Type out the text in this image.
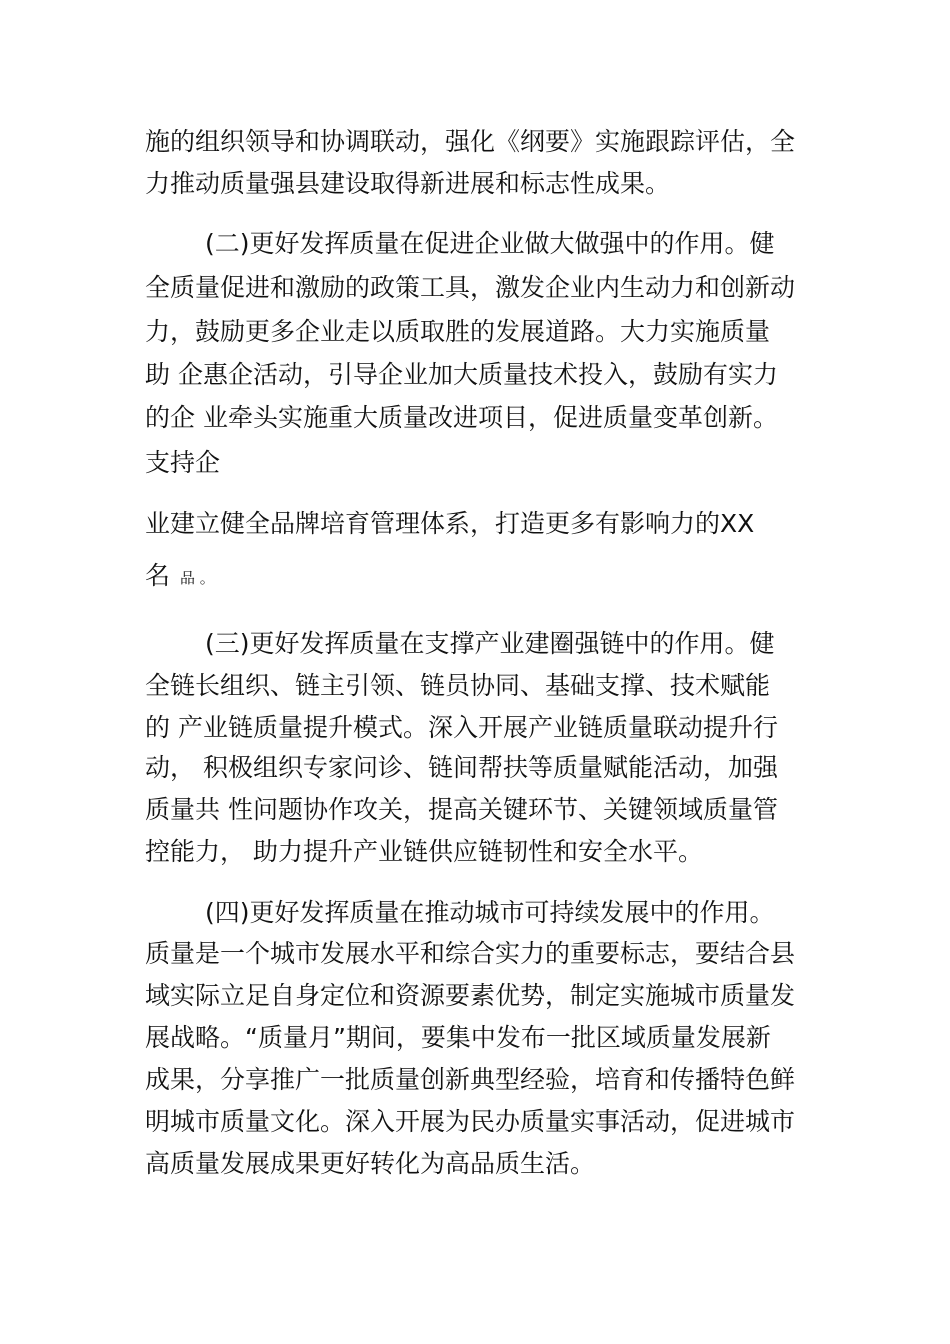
施的组织领导和协调联动，强化《纲要》实施跟踪评估，全
力推动质量强县建设取得新进展和标志性成果。
(二)更好发挥质量在促进企业做大做强中的作用。健
全质量促进和激励的政策工具，激发企业内生动力和创新动
力，鼓励更多企业走以质取胜的发展道路。大力实施质量
助 企惠企活动，引导企业加大质量技术投入，鼓励有实力
的企 业牵头实施重大质量改进项目，促进质量变革创新。
支持企
业建立健全品牌培育管理体系，打造更多有影响力的XX
名 品 。
(三)更好发挥质量在支撑产业建圈强链中的作用。健
全链长组织、链主引领、链员协同、基础支撑、技术赋能
的 产业链质量提升模式。深入开展产业链质量联动提升行
动， 积极组织专家问诊、链间帮扶等质量赋能活动，加强
质量共 性问题协作攻关，提高关键环节、关键领域质量管
控能力， 助力提升产业链供应链韧性和安全水平。
(四)更好发挥质量在推动城市可持续发展中的作用。
质量是一个城市发展水平和综合实力的重要标志，要结合县
域实际立足自身定位和资源要素优势，制定实施城市质量发
展战略。“质量月”期间，要集中发布一批区域质量发展新
成果，分享推广一批质量创新典型经验，培育和传播特色鲜
明城市质量文化。深入开展为民办质量实事活动，促进城市
高质量发展成果更好转化为高品质生活。
